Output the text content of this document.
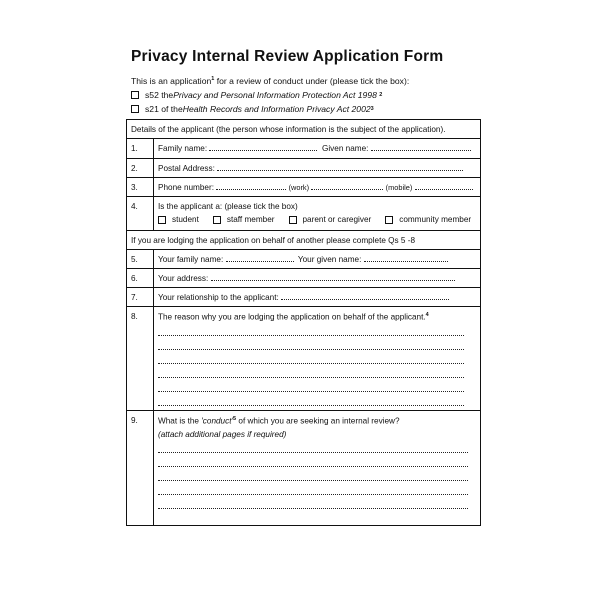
Privacy Internal Review Application Form
This is an application$^1$ for a review of conduct under (please tick the box):
s52 the Privacy and Personal Information Protection Act 1998
2
s21 of the Health Records and Information Privacy Act 2002 3
Details of the applicant (the person whose information is the subject of the application).	
1.	Family name: Given name:
2.	Postal Address:
3.	Phone number: (work) (mobile)
4.	Is the applicant a: (please tick the box)
student staff member parent or caregiver community member

If you are lodging the application on behalf of another please complete Qs 5 -8	
5.	Your family name: Your given name:
6.	Your address:
7.	Your relationship to the applicant:
8.	The reason why you are lodging the application on behalf of the applicant.$^4$

9.	What is the '$conduct'^5$ of which you are seeking an internal review?
(attach additional pages if required)
